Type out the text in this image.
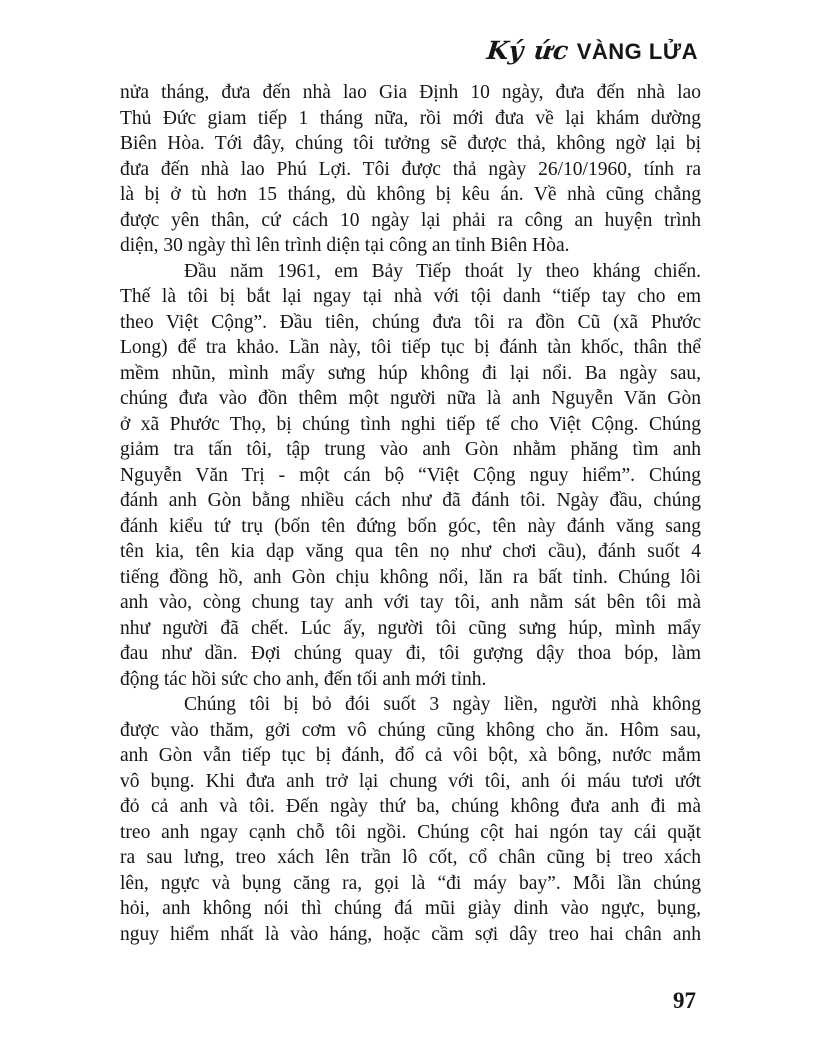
Ký ức VÀNG LỬA
nửa tháng, đưa đến nhà lao Gia Định 10 ngày, đưa đến nhà lao
Thủ Đức giam tiếp 1 tháng nữa, rồi mới đưa về lại khám dường
Biên Hòa. Tới đây, chúng tôi tưởng sẽ được thả, không ngờ lại bị
đưa đến nhà lao Phú Lợi. Tôi được thả ngày 26/10/1960, tính ra
là bị ở tù hơn 15 tháng, dù không bị kêu án. Về nhà cũng chẳng
được yên thân, cứ cách 10 ngày lại phải ra công an huyện trình
diện, 30 ngày thì lên trình diện tại công an tỉnh Biên Hòa.
Đầu năm 1961, em Bảy Tiếp thoát ly theo kháng chiến.
Thế là tôi bị bắt lại ngay tại nhà với tội danh “tiếp tay cho em
theo Việt Cộng”. Đầu tiên, chúng đưa tôi ra đồn Cũ (xã Phước
Long) để tra khảo. Lần này, tôi tiếp tục bị đánh tàn khốc, thân thể
mềm nhũn, mình mẩy sưng húp không đi lại nổi. Ba ngày sau,
chúng đưa vào đồn thêm một người nữa là anh Nguyễn Văn Gòn
ở xã Phước Thọ, bị chúng tình nghi tiếp tế cho Việt Cộng. Chúng
giảm tra tấn tôi, tập trung vào anh Gòn nhằm phăng tìm anh
Nguyễn Văn Trị - một cán bộ “Việt Cộng nguy hiểm”. Chúng
đánh anh Gòn bằng nhiều cách như đã đánh tôi. Ngày đầu, chúng
đánh kiểu tứ trụ (bốn tên đứng bốn góc, tên này đánh văng sang
tên kia, tên kia dạp văng qua tên nọ như chơi cầu), đánh suốt 4
tiếng đồng hồ, anh Gòn chịu không nổi, lăn ra bất tỉnh. Chúng lôi
anh vào, còng chung tay anh với tay tôi, anh nằm sát bên tôi mà
như người đã chết. Lúc ấy, người tôi cũng sưng húp, mình mẩy
đau như dần. Đợi chúng quay đi, tôi gượng dậy thoa bóp, làm
động tác hồi sức cho anh, đến tối anh mới tỉnh.
Chúng tôi bị bỏ đói suốt 3 ngày liền, người nhà không
được vào thăm, gởi cơm vô chúng cũng không cho ăn. Hôm sau,
anh Gòn vẫn tiếp tục bị đánh, đổ cả vôi bột, xà bông, nước mắm
vô bụng. Khi đưa anh trở lại chung với tôi, anh ói máu tươi ướt
đỏ cả anh và tôi. Đến ngày thứ ba, chúng không đưa anh đi mà
treo anh ngay cạnh chỗ tôi ngồi. Chúng cột hai ngón tay cái quặt
ra sau lưng, treo xách lên trần lô cốt, cổ chân cũng bị treo xách
lên, ngực và bụng căng ra, gọi là “đi máy bay”. Mỗi lần chúng
hỏi, anh không nói thì chúng đá mũi giày dinh vào ngực, bụng,
nguy hiểm nhất là vào háng, hoặc cầm sợi dây treo hai chân anh
97
